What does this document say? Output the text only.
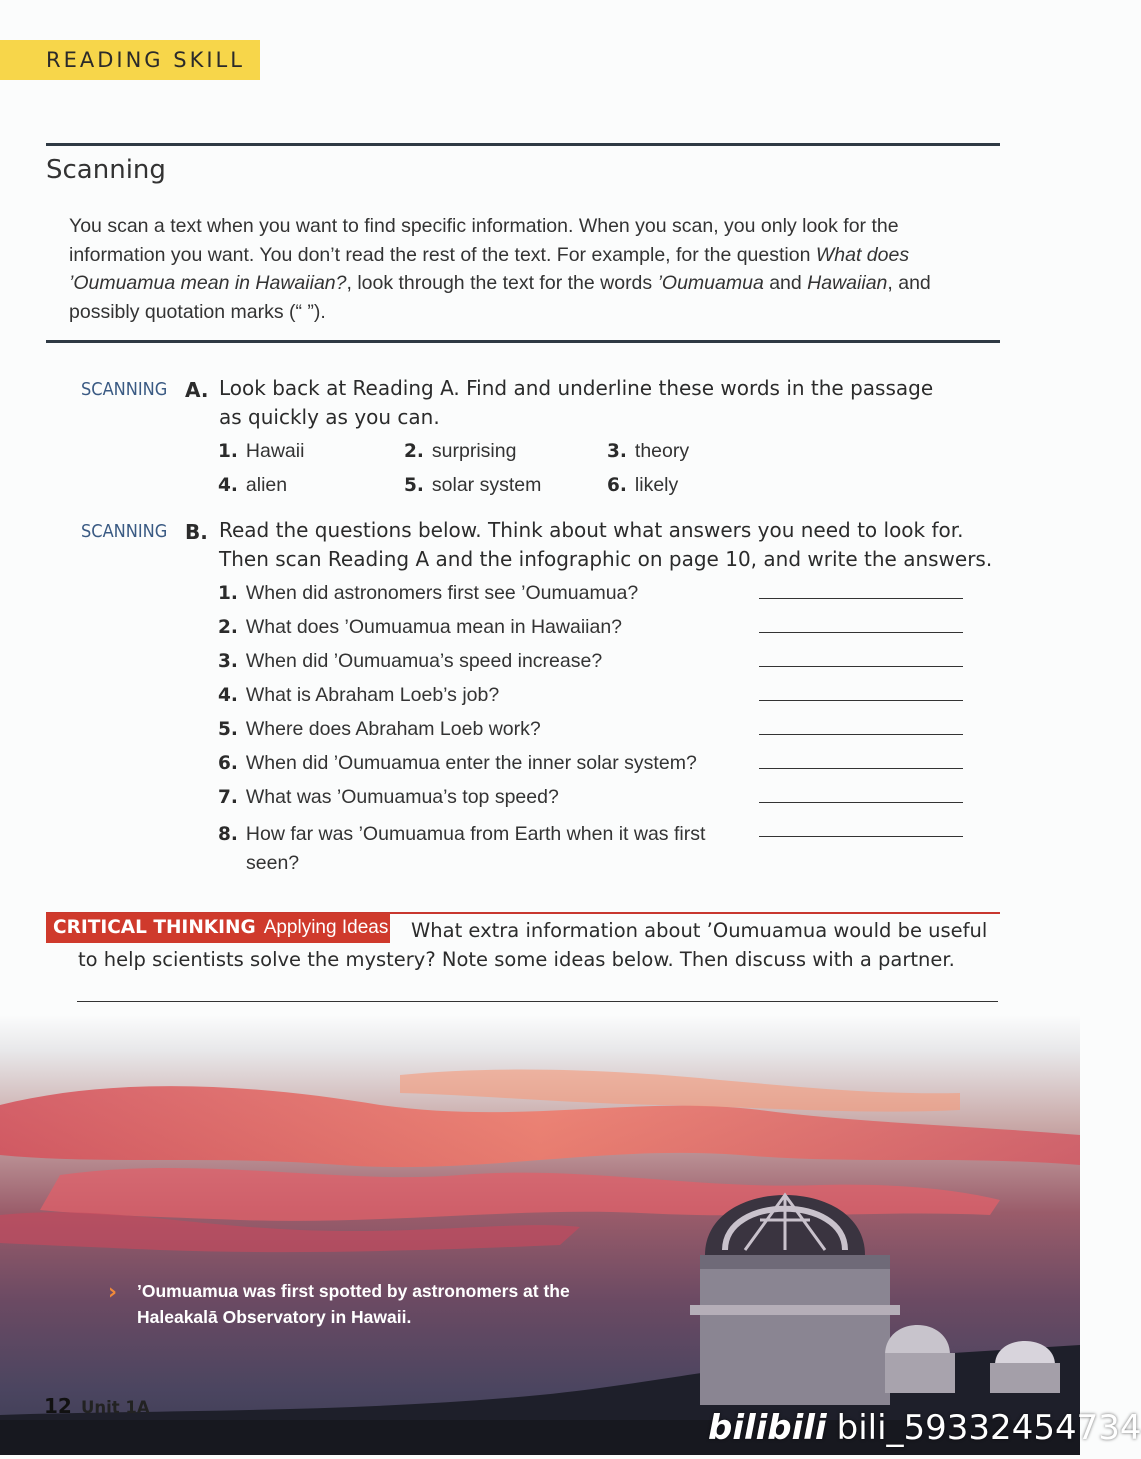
READING SKILL
Scanning
You scan a text when you want to find specific information. When you scan, you only look for the information you want. You don’t read the rest of the text. For example, for the question What does ’Oumuamua mean in Hawaiian?, look through the text for the words ’Oumuamua and Hawaiian, and possibly quotation marks (“ ”).
SCANNING A. Look back at Reading A. Find and underline these words in the passage as quickly as you can.
1. Hawaii	2. surprising	3. theory
4. alien	5. solar system	6. likely
SCANNING B. Read the questions below. Think about what answers you need to look for. Then scan Reading A and the infographic on page 10, and write the answers.
1. When did astronomers first see ’Oumuamua?
2. What does ’Oumuamua mean in Hawaiian?
3. When did ’Oumuamua’s speed increase?
4. What is Abraham Loeb’s job?
5. Where does Abraham Loeb work?
6. When did ’Oumuamua enter the inner solar system?
7. What was ’Oumuamua’s top speed?
8. How far was ’Oumuamua from Earth when it was first seen?
CRITICAL THINKING Applying Ideas	What extra information about ’Oumuamua would be useful to help scientists solve the mystery? Note some ideas below. Then discuss with a partner.
› ’Oumuamua was first spotted by astronomers at the Haleakalā Observatory in Hawaii.
12 Unit 1A
bilibili bili_59332454734
